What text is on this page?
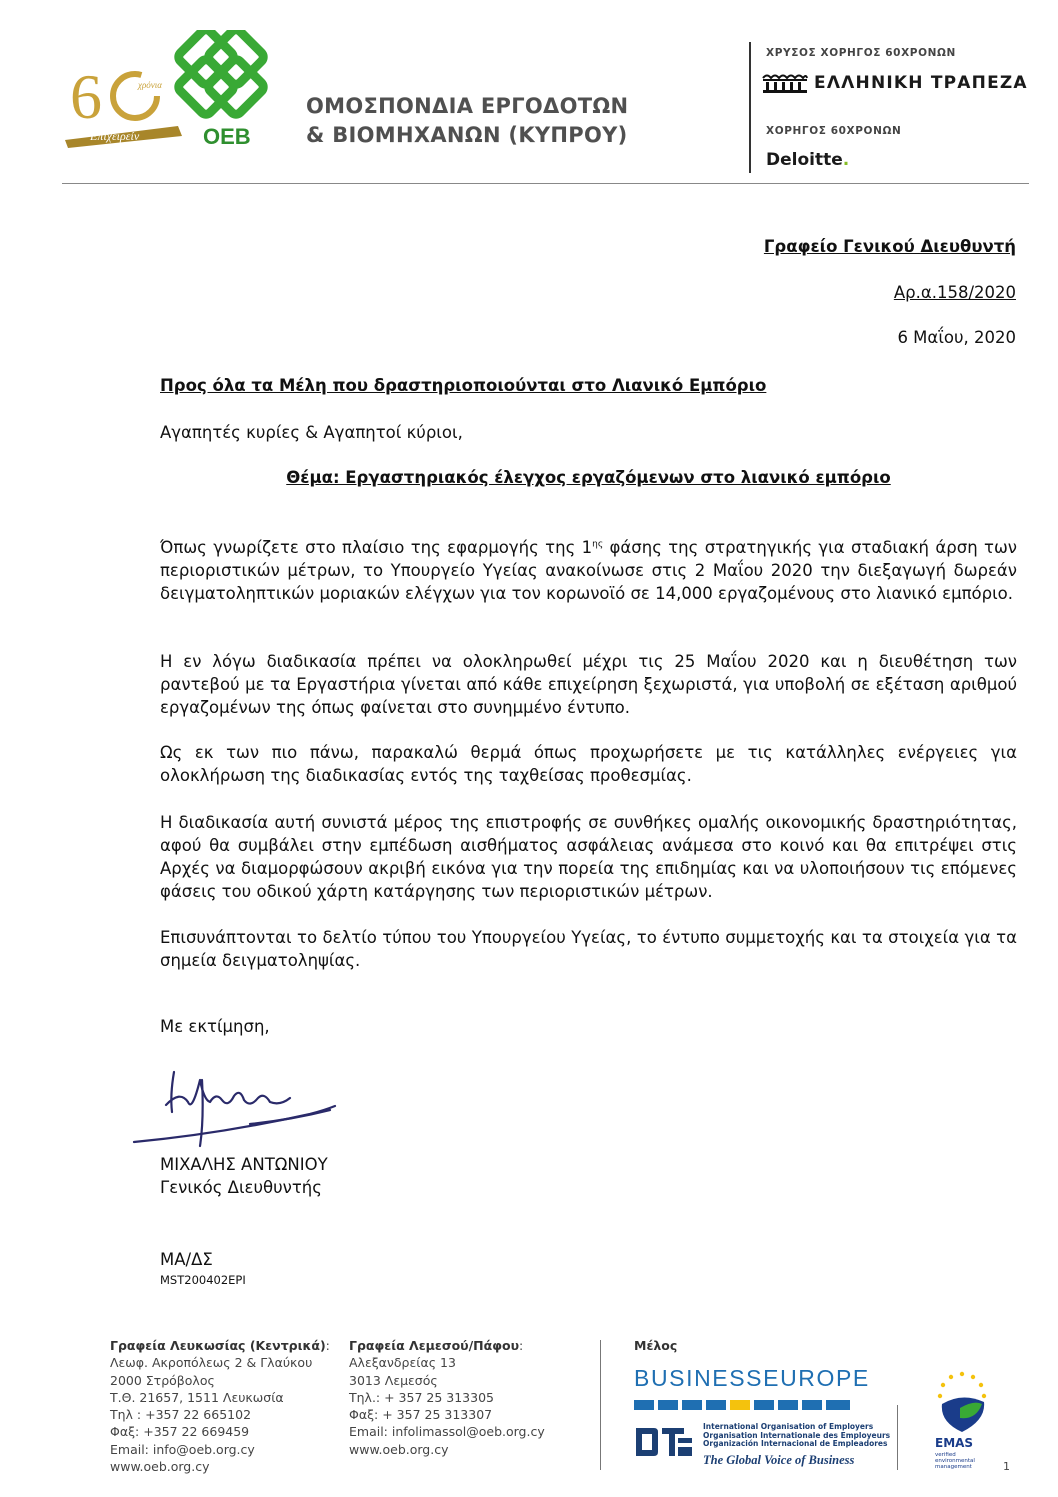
6	χρόνια
Επιχειρείν	OEB
ΟΜΟΣΠΟΝΔΙΑ ΕΡΓΟΔΟΤΩΝ
& ΒΙΟΜΗΧΑΝΩΝ (ΚΥΠΡΟΥ)
ΧΡΥΣΟΣ ΧΟΡΗΓΟΣ 60ΧΡΟΝΩΝ
ΕΛΛΗΝΙΚΗ ΤΡΑΠΕΖΑ
ΧΟΡΗΓΟΣ 60ΧΡΟΝΩΝ
Deloitte.
Γραφείο Γενικού Διευθυντή
Αρ.α.158/2020
6 Μαΐου, 2020
Προς όλα τα Μέλη που δραστηριοποιούνται στο Λιανικό Εμπόριο
Αγαπητές κυρίες & Αγαπητοί κύριοι,
Θέμα: Εργαστηριακός έλεγχος εργαζόμενων στο λιανικό εμπόριο
Όπως γνωρίζετε στο πλαίσιο της εφαρμογής της $1^{\eta\varsigma}$ φάσης της στρατηγικής για σταδιακή άρση των περιοριστικών μέτρων, το Υπουργείο Υγείας ανακοίνωσε στις 2 Μαΐου 2020 την διεξαγωγή δωρεάν δειγματοληπτικών μοριακών ελέγχων για τον κορωνοϊό σε 14,000 εργαζομένους στο λιανικό εμπόριο.
Η εν λόγω διαδικασία πρέπει να ολοκληρωθεί μέχρι τις 25 Μαΐου 2020 και η διευθέτηση των ραντεβού με τα Εργαστήρια γίνεται από κάθε επιχείρηση ξεχωριστά, για υποβολή σε εξέταση αριθμού εργαζομένων της όπως φαίνεται στο συνημμένο έντυπο.
Ως εκ των πιο πάνω, παρακαλώ θερμά όπως προχωρήσετε με τις κατάλληλες ενέργειες για ολοκλήρωση της διαδικασίας εντός της ταχθείσας προθεσμίας.
Η διαδικασία αυτή συνιστά μέρος της επιστροφής σε συνθήκες ομαλής οικονομικής δραστηριότητας, αφού θα συμβάλει στην εμπέδωση αισθήματος ασφάλειας ανάμεσα στο κοινό και θα επιτρέψει στις Αρχές να διαμορφώσουν ακριβή εικόνα για την πορεία της επιδημίας και να υλοποιήσουν τις επόμενες φάσεις του οδικού χάρτη κατάργησης των περιοριστικών μέτρων.
Επισυνάπτονται το δελτίο τύπου του Υπουργείου Υγείας, το έντυπο συμμετοχής και τα στοιχεία για τα σημεία δειγματοληψίας.
Με εκτίμηση,
ΜΙΧΑΛΗΣ ΑΝΤΩΝΙΟΥ
Γενικός Διευθυντής
ΜΑ/ΔΣ
MST200402EPI
Γραφεία Λευκωσίας (Κεντρικά):
Λεωφ. Ακροπόλεως 2 & Γλαύκου
2000 Στρόβολος
Τ.Θ. 21657, 1511 Λευκωσία
Τηλ : +357 22 665102
Φαξ: +357 22 669459
Email: info@oeb.org.cy
www.oeb.org.cy
Γραφεία Λεμεσού/Πάφου:
Αλεξανδρείας 13
3013 Λεμεσός
Τηλ.: + 357 25 313305
Φαξ: + 357 25 313307
Email: infolimassol@oeb.org.cy
www.oeb.org.cy
Μέλος
BUSINESSEUROPE
International Organisation of Employers
Organisation Internationale des Employeurs
Organización Internacional de Empleadores
The Global Voice of Business
EMAS
verified
environmental
management	1
